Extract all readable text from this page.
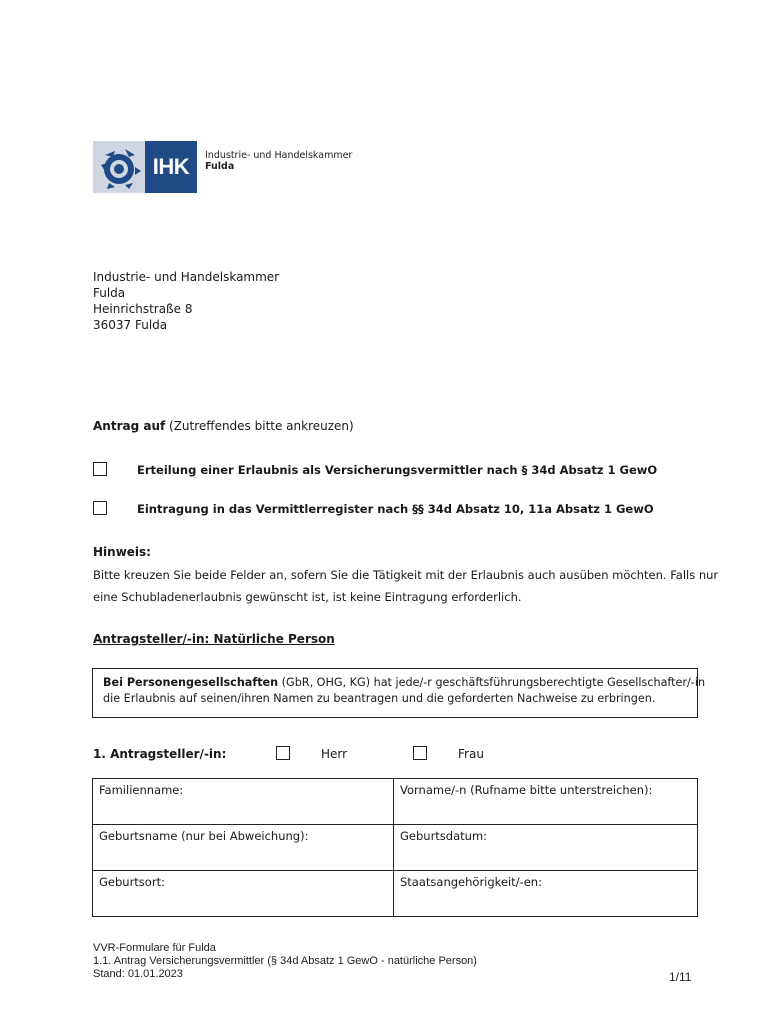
IHK	Industrie- und Handelskammer
Fulda
Industrie- und Handelskammer
Fulda
Heinrichstraße 8
36037 Fulda
Antrag auf (Zutreffendes bitte ankreuzen)
Erteilung einer Erlaubnis als Versicherungsvermittler nach § 34d Absatz 1 GewO
Eintragung in das Vermittlerregister nach §§ 34d Absatz 10, 11a Absatz 1 GewO
Hinweis:
Bitte kreuzen Sie beide Felder an, sofern Sie die Tätigkeit mit der Erlaubnis auch ausüben möchten. Falls nur
eine Schubladenerlaubnis gewünscht ist, ist keine Eintragung erforderlich.
Antragsteller/-in: Natürliche Person
Bei Personengesellschaften (GbR, OHG, KG) hat jede/-r geschäftsführungsberechtigte Gesellschafter/-in
die Erlaubnis auf seinen/ihren Namen zu beantragen und die geforderten Nachweise zu erbringen.
1. Antragsteller/-in:	Herr	Frau
Familienname:	Vorname/-n (Rufname bitte unterstreichen):
Geburtsname (nur bei Abweichung):	Geburtsdatum:
Geburtsort:	Staatsangehörigkeit/-en:
VVR-Formulare für Fulda
1.1. Antrag Versicherungsvermittler (§ 34d Absatz 1 GewO - natürliche Person)
Stand: 01.01.2023	1/11
